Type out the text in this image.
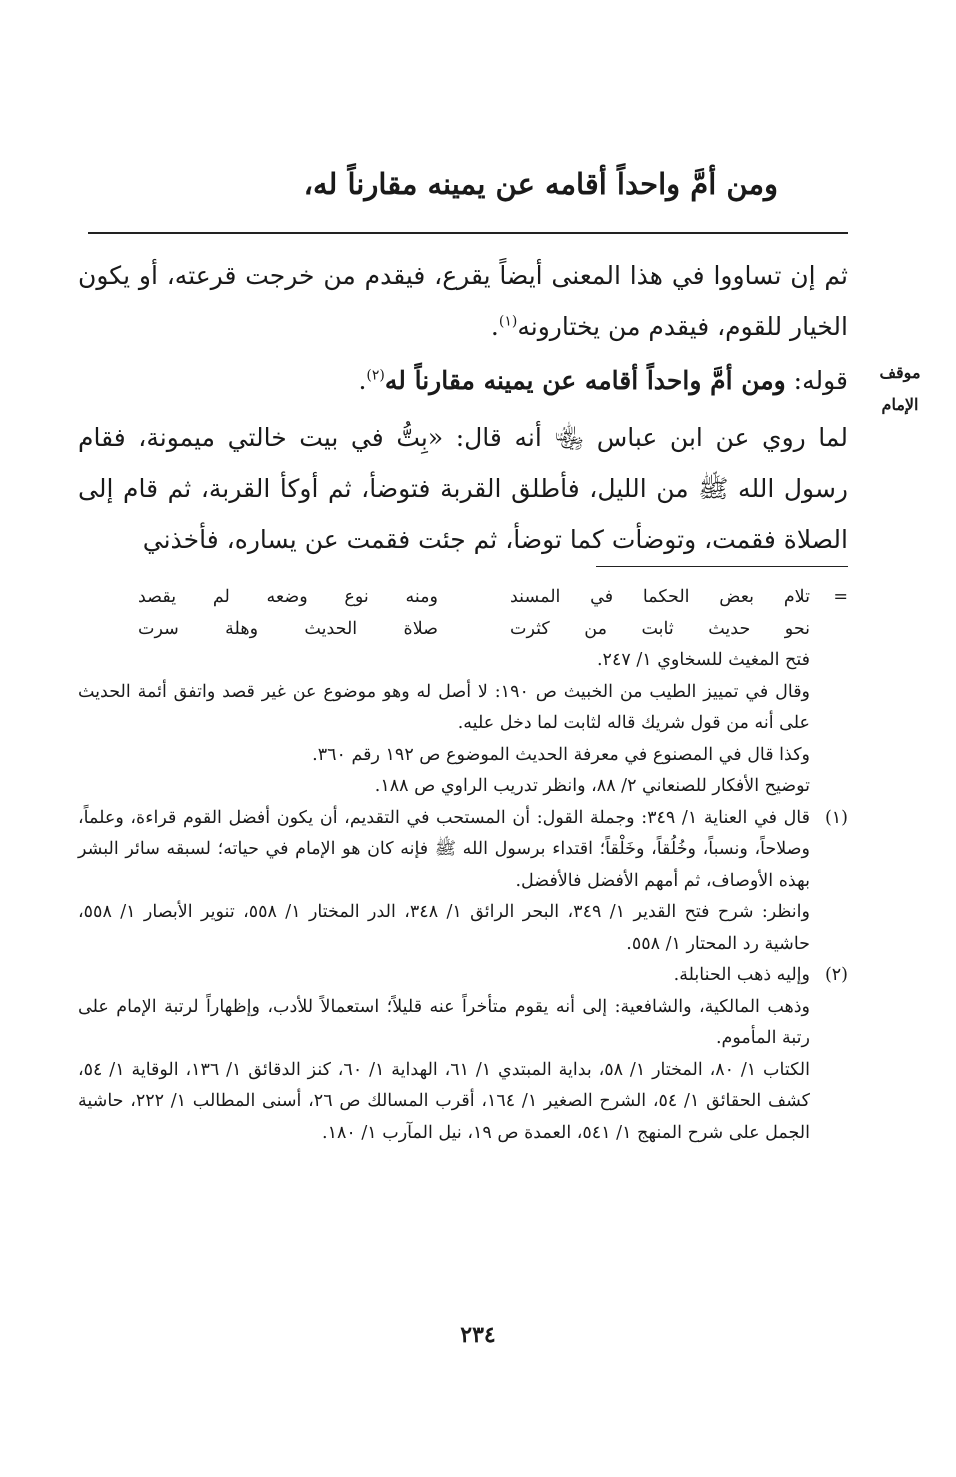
ومن أمَّ واحداً أقامه عن يمينه مقارناً له،
موقف
الإمام

ثم إن تساووا في هذا المعنى أيضاً يقرع، فيقدم من خرجت قرعته، أو يكون الخيار للقوم، فيقدم من يختارونه$^{(١)}$.

قوله: ومن أمَّ واحداً أقامه عن يمينه مقارناً له$^{(٢)}$.

لما روي عن ابن عباس ﵄ أنه قال: «بِتُّ في بيت خالتي ميمونة، فقام رسول الله ﷺ من الليل، فأطلق القربة فتوضأ، ثم أوكأ القربة، ثم قام إلى الصلاة فقمت، وتوضأت كما توضأ، ثم جئت فقمت عن يساره، فأخذني

=
تلام بعض الحكما في المسند
ومنه نوع وضعه لم يقصد
نحو حديث ثابت من كثرت
صلاة الحديث وهلة سرت

فتح المغيث للسخاوي ١/ ٢٤٧.

وقال في تمييز الطيب من الخبيث ص ١٩٠: لا أصل له وهو موضوع عن غير قصد واتفق أئمة الحديث على أنه من قول شريك قاله لثابت لما دخل عليه.

وكذا قال في المصنوع في معرفة الحديث الموضوع ص ١٩٢ رقم ٣٦٠.

توضيح الأفكار للصنعاني ٢/ ٨٨، وانظر تدريب الراوي ص ١٨٨.

(١)

قال في العناية ١/ ٣٤٩: وجملة القول: أن المستحب في التقديم، أن يكون أفضل القوم قراءة، وعلماً، وصلاحاً، ونسباً، وخُلُقاً، وخَلْقاً؛ اقتداء برسول الله ﷺ فإنه كان هو الإمام في حياته؛ لسبقه سائر البشر بهذه الأوصاف، ثم أمهم الأفضل فالأفضل.

وانظر: شرح فتح القدير ١/ ٣٤٩، البحر الرائق ١/ ٣٤٨، الدر المختار ١/ ٥٥٨، تنوير الأبصار ١/ ٥٥٨، حاشية رد المحتار ١/ ٥٥٨.

(٢)

وإليه ذهب الحنابلة.

وذهب المالكية، والشافعية: إلى أنه يقوم متأخراً عنه قليلاً؛ استعمالاً للأدب، وإظهاراً لرتبة الإمام على رتبة المأموم.

الكتاب ١/ ٨٠، المختار ١/ ٥٨، بداية المبتدي ١/ ٦١، الهداية ١/ ٦٠، كنز الدقائق ١/ ١٣٦، الوقاية ١/ ٥٤، كشف الحقائق ١/ ٥٤، الشرح الصغير ١/ ١٦٤، أقرب المسالك ص ٢٦، أسنى المطالب ١/ ٢٢٢، حاشية الجمل على شرح المنهج ١/ ٥٤١، العمدة ص ١٩، نيل المآرب ١/ ١٨٠.

٢٣٤
